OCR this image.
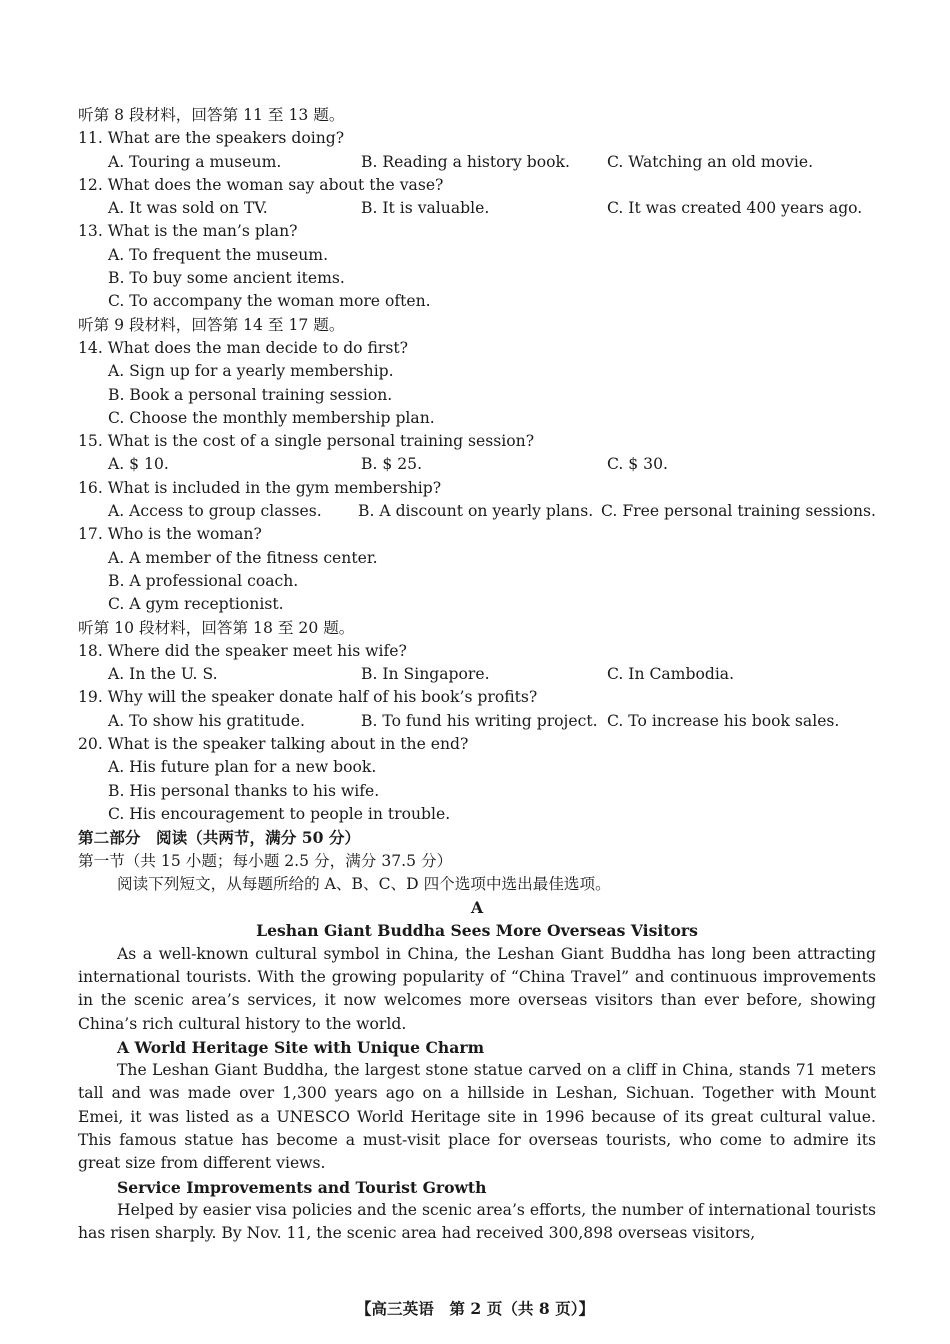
听第 8 段材料，回答第 11 至 13 题。
11. What are the speakers doing?
A. Touring a museum.	B. Reading a history book.	C. Watching an old movie.
12. What does the woman say about the vase?
A. It was sold on TV.	B. It is valuable.	C. It was created 400 years ago.
13. What is the man’s plan?
A. To frequent the museum.
B. To buy some ancient items.
C. To accompany the woman more often.
听第 9 段材料，回答第 14 至 17 题。
14. What does the man decide to do first?
A. Sign up for a yearly membership.
B. Book a personal training session.
C. Choose the monthly membership plan.
15. What is the cost of a single personal training session?
A. $ 10.	B. $ 25.	C. $ 30.
16. What is included in the gym membership?
A. Access to group classes.	B. A discount on yearly plans. C. Free personal training sessions.
17. Who is the woman?
A. A member of the fitness center.
B. A professional coach.
C. A gym receptionist.
听第 10 段材料，回答第 18 至 20 题。
18. Where did the speaker meet his wife?
A. In the U. S.	B. In Singapore.	C. In Cambodia.
19. Why will the speaker donate half of his book’s profits?
A. To show his gratitude.	B. To fund his writing project. C. To increase his book sales.
20. What is the speaker talking about in the end?
A. His future plan for a new book.
B. His personal thanks to his wife.
C. His encouragement to people in trouble.
第二部分　阅读（共两节，满分 50 分）
第一节（共 15 小题；每小题 2.5 分，满分 37.5 分）
阅读下列短文，从每题所给的 A、B、C、D 四个选项中选出最佳选项。
A
Leshan Giant Buddha Sees More Overseas Visitors
As a well-known cultural symbol in China, the Leshan Giant Buddha has long been attracting international tourists. With the growing popularity of “China Travel” and continuous improvements in the scenic area’s services, it now welcomes more overseas visitors than ever before, showing China’s rich cultural history to the world.
A World Heritage Site with Unique Charm
The Leshan Giant Buddha, the largest stone statue carved on a cliff in China, stands 71 meters tall and was made over 1,300 years ago on a hillside in Leshan, Sichuan. Together with Mount Emei, it was listed as a UNESCO World Heritage site in 1996 because of its great cultural value. This famous statue has become a must-visit place for overseas tourists, who come to admire its great size from different views.
Service Improvements and Tourist Growth
Helped by easier visa policies and the scenic area’s efforts, the number of international tourists has risen sharply. By Nov. 11, the scenic area had received 300,898 overseas visitors,
【高三英语　第 2 页（共 8 页）】
